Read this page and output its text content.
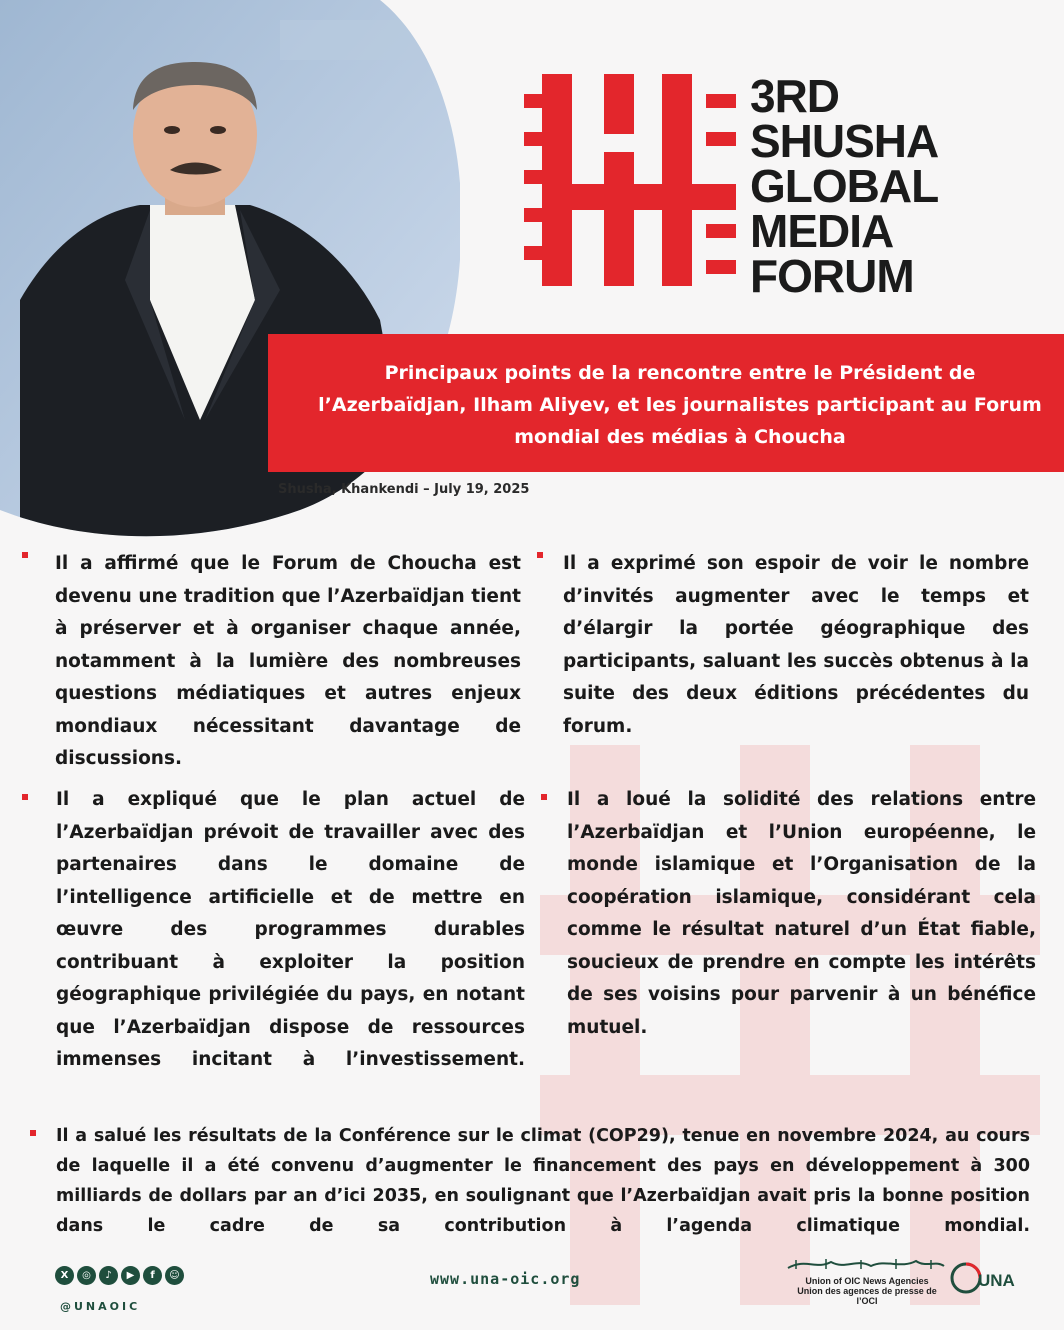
3RD
SHUSHA
GLOBAL
MEDIA
FORUM
Principaux points de la rencontre entre le Président de l’Azerbaïdjan, Ilham Aliyev, et les journalistes participant au Forum mondial des médias à Choucha
Shusha, Khankendi – July 19, 2025
Il a affirmé que le Forum de Choucha est devenu une tradition que l’Azerbaïdjan tient à préserver et à organiser chaque année, notamment à la lumière des nombreuses questions médiatiques et autres enjeux mondiaux nécessitant davantage de discussions.
Il a exprimé son espoir de voir le nombre d’invités augmenter avec le temps et d’élargir la portée géographique des participants, saluant les succès obtenus à la suite des deux éditions précédentes du forum.
Il a expliqué que le plan actuel de l’Azerbaïdjan prévoit de travailler avec des partenaires dans le domaine de l’intelligence artificielle et de mettre en œuvre des programmes durables contribuant à exploiter la position géographique privilégiée du pays, en notant que l’Azerbaïdjan dispose de ressources immenses incitant à l’investissement.
Il a loué la solidité des relations entre l’Azerbaïdjan et l’Union européenne, le monde islamique et l’Organisation de la coopération islamique, considérant cela comme le résultat naturel d’un État fiable, soucieux de prendre en compte les intérêts de ses voisins pour parvenir à un bénéfice mutuel.
Il a salué les résultats de la Conférence sur le climat (COP29), tenue en novembre 2024, au cours de laquelle il a été convenu d’augmenter le financement des pays en développement à 300 milliards de dollars par an d’ici 2035, en soulignant que l’Azerbaïdjan avait pris la bonne position dans le cadre de sa contribution à l’agenda climatique mondial.
X	◎	♪	▶	f	☺
@UNAOIC
www.una-oic.org	Union of OIC News Agencies
Union des agences de presse de l’OCI
UNA
